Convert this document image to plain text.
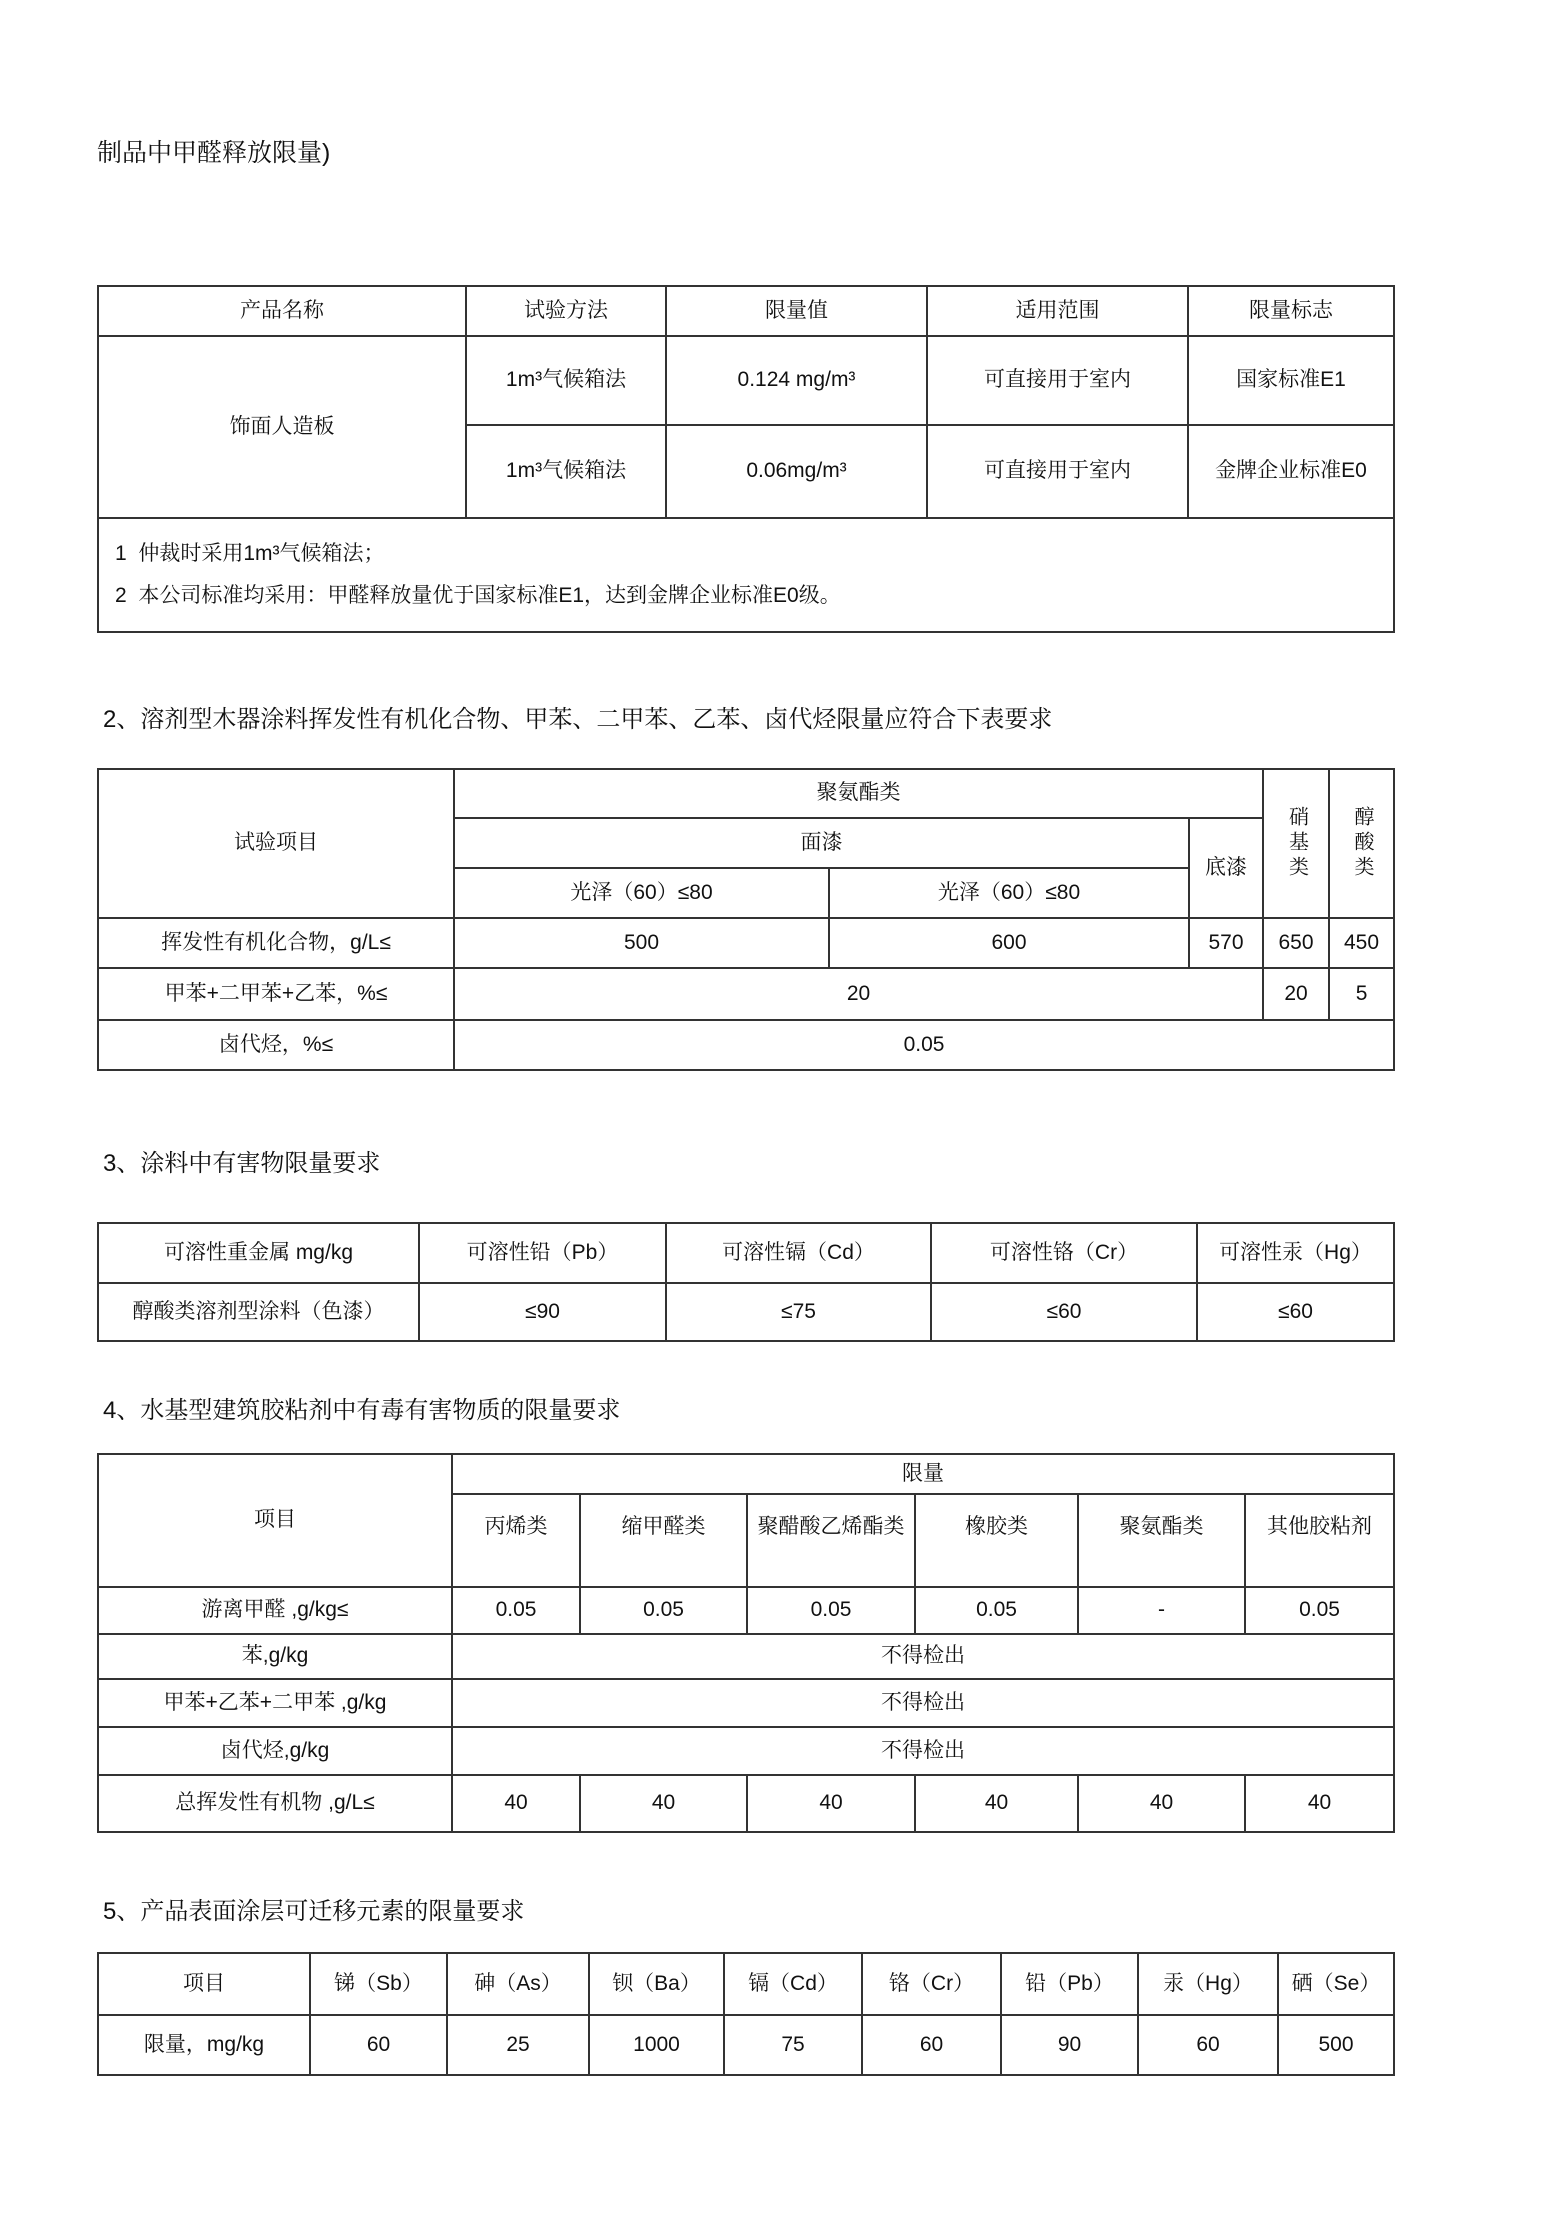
制品中甲醛释放限量)
产品名称	试验方法	限量值	适用范围	限量标志
饰面人造板	1m³气候箱法	0.124 mg/m³	可直接用于室内	国家标准E1
	1m³气候箱法	0.06mg/m³	可直接用于室内	金牌企业标准E0

1  仲裁时采用1m³气候箱法；
2  本公司标准均采用：甲醛释放量优于国家标准E1，达到金牌企业标准E0级。				
2、溶剂型木器涂料挥发性有机化合物、甲苯、二甲苯、乙苯、卤代烃限量应符合下表要求
试验项目	聚氨酯类			硝基类	醇酸类
	面漆		底漆		
	光泽（60）≤80	光泽（60）≤80			
挥发性有机化合物，g/L≤	500	600	570	650	450
甲苯+二甲苯+乙苯，%≤	20			20	5
卤代烃，%≤	0.05				
3、涂料中有害物限量要求
可溶性重金属 mg/kg	可溶性铅（Pb）	可溶性镉（Cd）	可溶性铬（Cr）	可溶性汞（Hg）
醇酸类溶剂型涂料（色漆）	≤90	≤75	≤60	≤60
4、水基型建筑胶粘剂中有毒有害物质的限量要求
项目	限量					
	丙烯类	缩甲醛类	聚醋酸乙烯酯类	橡胶类	聚氨酯类	其他胶粘剂
游离甲醛 ,g/kg≤	0.05	0.05	0.05	0.05	-	0.05
苯,g/kg	不得检出					
甲苯+乙苯+二甲苯 ,g/kg	不得检出					
卤代烃,g/kg	不得检出					
总挥发性有机物 ,g/L≤	40	40	40	40	40	40
5、产品表面涂层可迁移元素的限量要求
项目	锑（Sb）	砷（As）	钡（Ba）	镉（Cd）	铬（Cr）	铅（Pb）	汞（Hg）	硒（Se）
限量，mg/kg	60	25	1000	75	60	90	60	500
